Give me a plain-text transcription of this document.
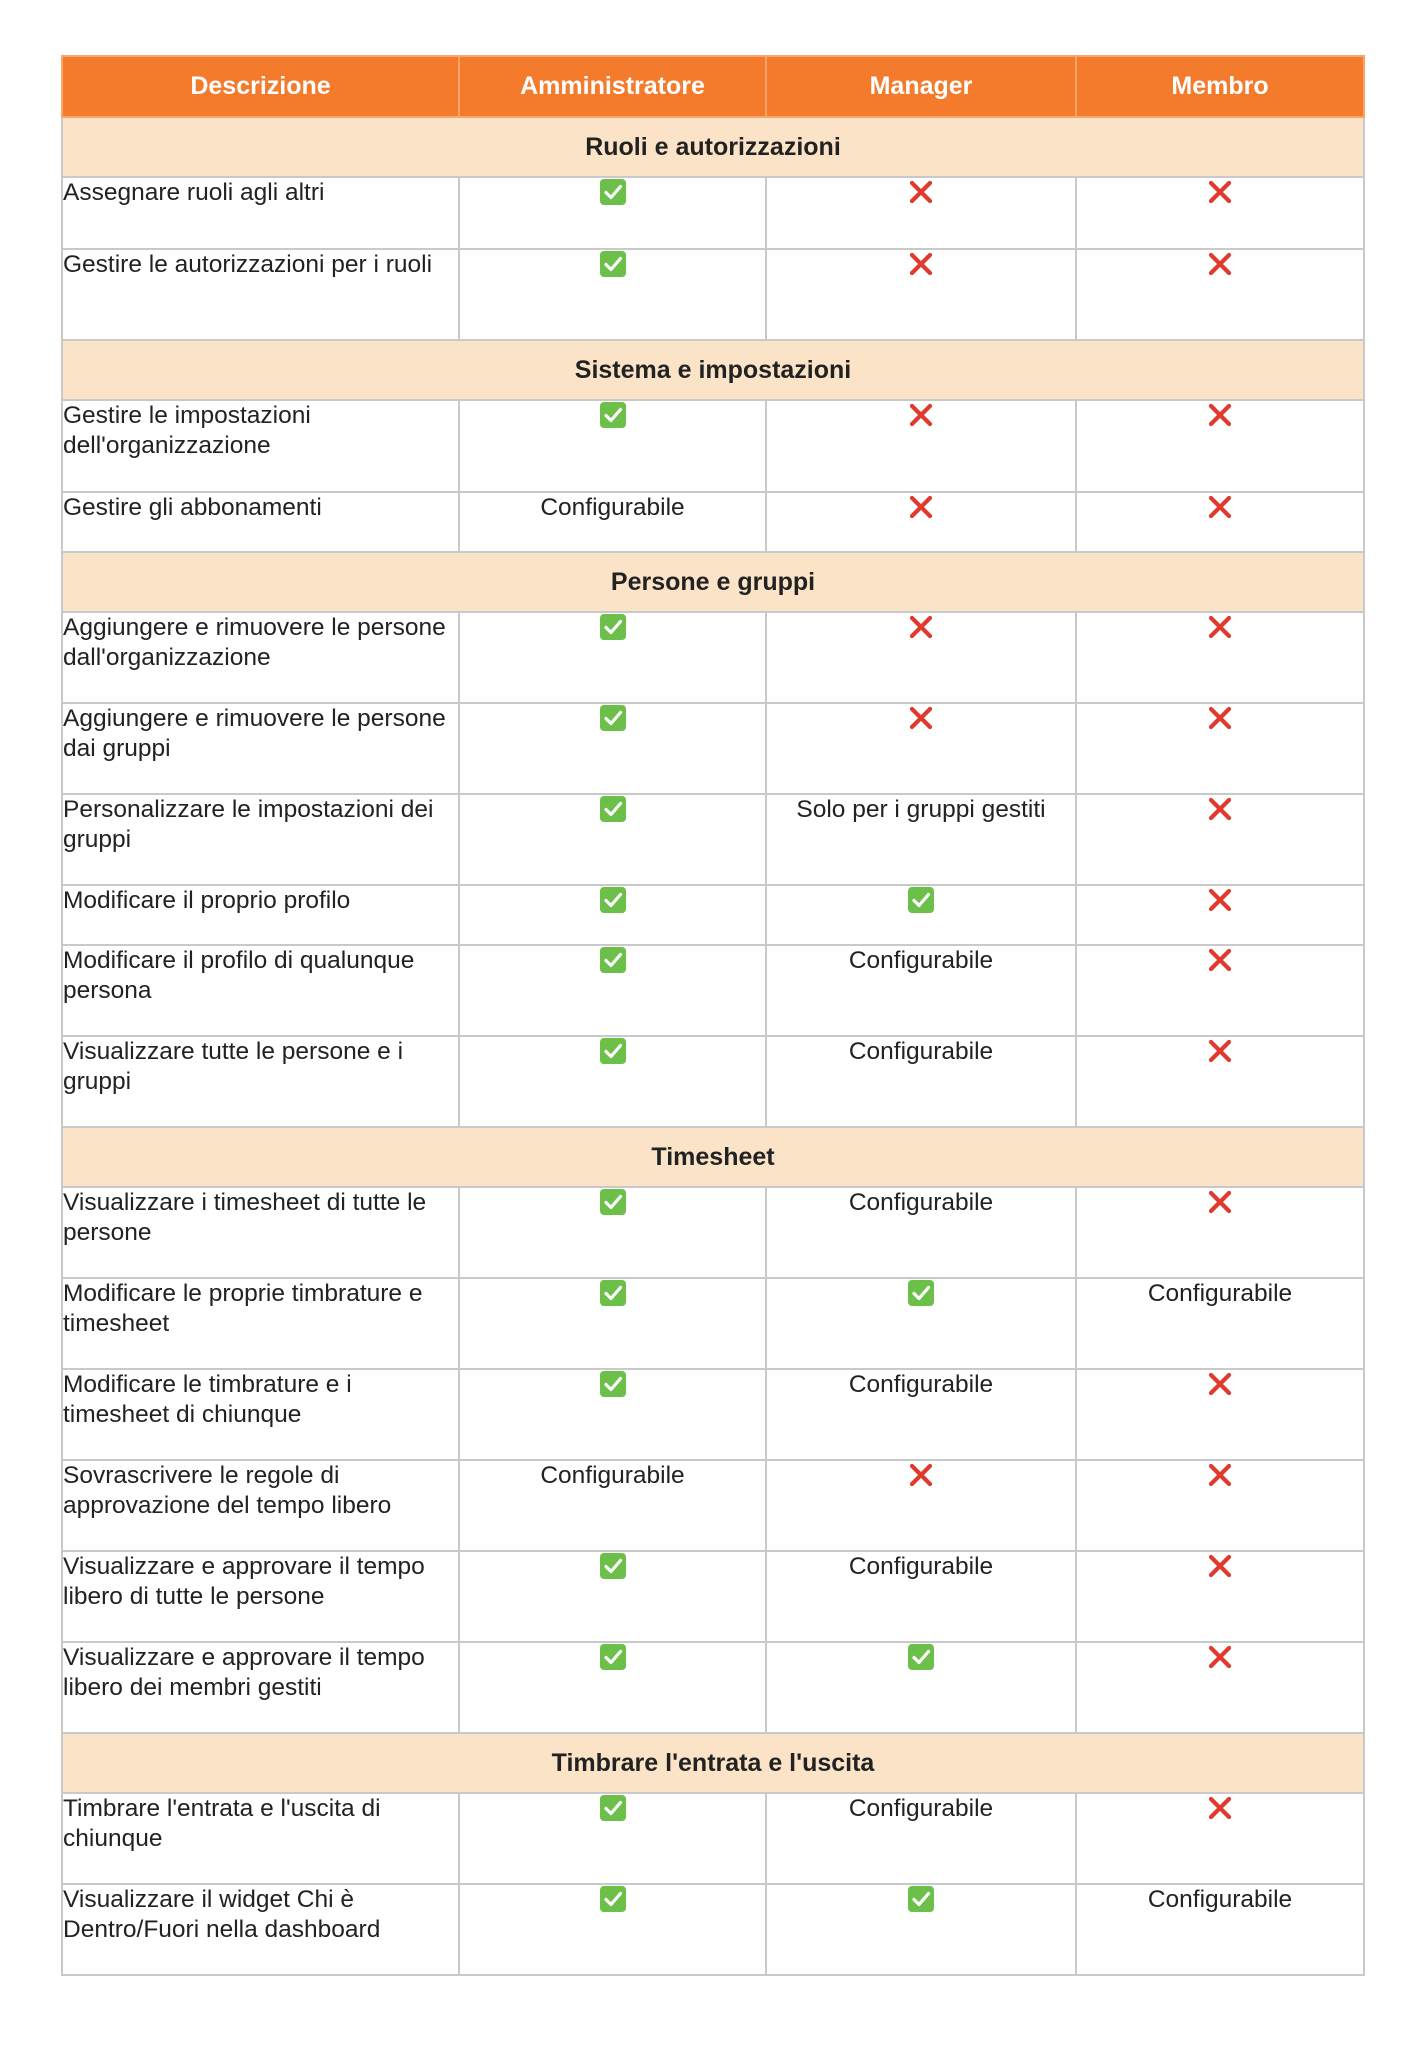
Descrizione	Amministratore	Manager	Membro
Ruoli e autorizzazioni			
Assegnare ruoli agli altri			
Gestire le autorizzazioni per i ruoli			
Sistema e impostazioni			
Gestire le impostazioni dell'organizzazione			
Gestire gli abbonamenti	Configurabile		
Persone e gruppi			
Aggiungere e rimuovere le persone dall'organizzazione			
Aggiungere e rimuovere le persone dai gruppi			
Personalizzare le impostazioni dei gruppi		Solo per i gruppi gestiti	
Modificare il proprio profilo			
Modificare il profilo di qualunque persona		Configurabile	
Visualizzare tutte le persone e i gruppi		Configurabile	
Timesheet			
Visualizzare i timesheet di tutte le persone		Configurabile	
Modificare le proprie timbrature e timesheet			Configurabile
Modificare le timbrature e i timesheet di chiunque		Configurabile	
Sovrascrivere le regole di approvazione del tempo libero	Configurabile		
Visualizzare e approvare il tempo libero di tutte le persone		Configurabile	
Visualizzare e approvare il tempo libero dei membri gestiti			
Timbrare l'entrata e l'uscita			
Timbrare l'entrata e l'uscita di chiunque		Configurabile	
Visualizzare il widget Chi è Dentro/Fuori nella dashboard			Configurabile
